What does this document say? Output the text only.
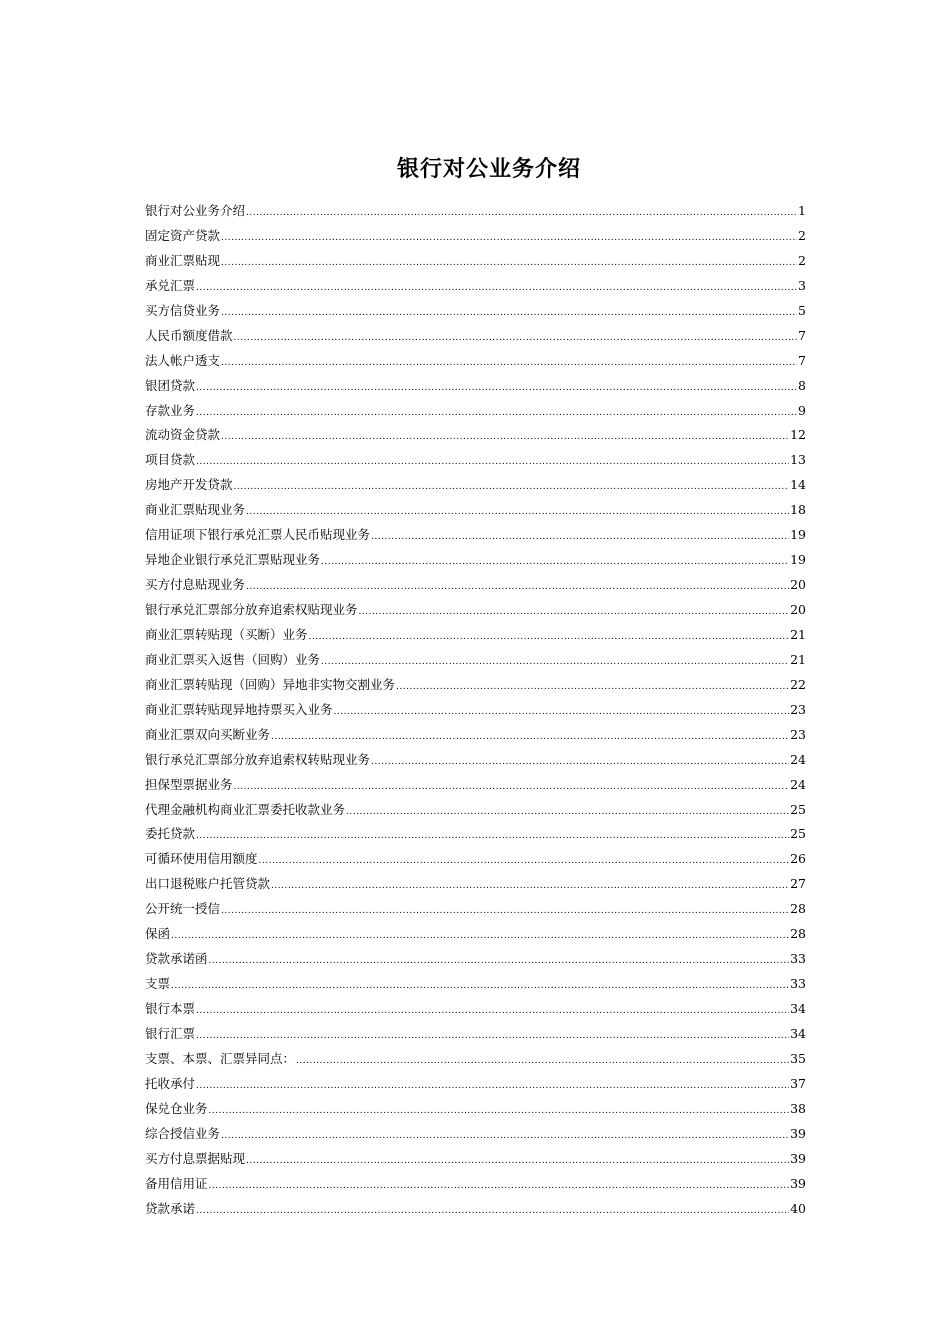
银行对公业务介绍
银行对公业务介绍 .....	1
固定资产贷款 .....	2
商业汇票贴现 .....	2
承兑汇票 .....	3
买方信贷业务 .....	5
人民币额度借款 .....	7
法人帐户透支 .....	7
银团贷款 .....	8
存款业务 .....	9
流动资金贷款 .....	12
项目贷款 .....	13
房地产开发贷款 .....	14
商业汇票贴现业务 .....	18
信用证项下银行承兑汇票人民币贴现业务 .....	19
异地企业银行承兑汇票贴现业务 .....	19
买方付息贴现业务 .....	20
银行承兑汇票部分放弃追索权贴现业务 .....	20
商业汇票转贴现（买断）业务 .....	21
商业汇票买入返售（回购）业务 .....	21
商业汇票转贴现（回购）异地非实物交割业务 .....	22
商业汇票转贴现异地持票买入业务 .....	23
商业汇票双向买断业务 .....	23
银行承兑汇票部分放弃追索权转贴现业务 .....	24
担保型票据业务 .....	24
代理金融机构商业汇票委托收款业务 .....	25
委托贷款 .....	25
可循环使用信用额度 .....	26
出口退税账户托管贷款 .....	27
公开统一授信 .....	28
保函 .....	28
贷款承诺函 .....	33
支票 .....	33
银行本票 .....	34
银行汇票 .....	34
支票、本票、汇票异同点： .....	35
托收承付 .....	37
保兑仓业务 .....	38
综合授信业务 .....	39
买方付息票据贴现 .....	39
备用信用证 .....	39
贷款承诺 .....	40
